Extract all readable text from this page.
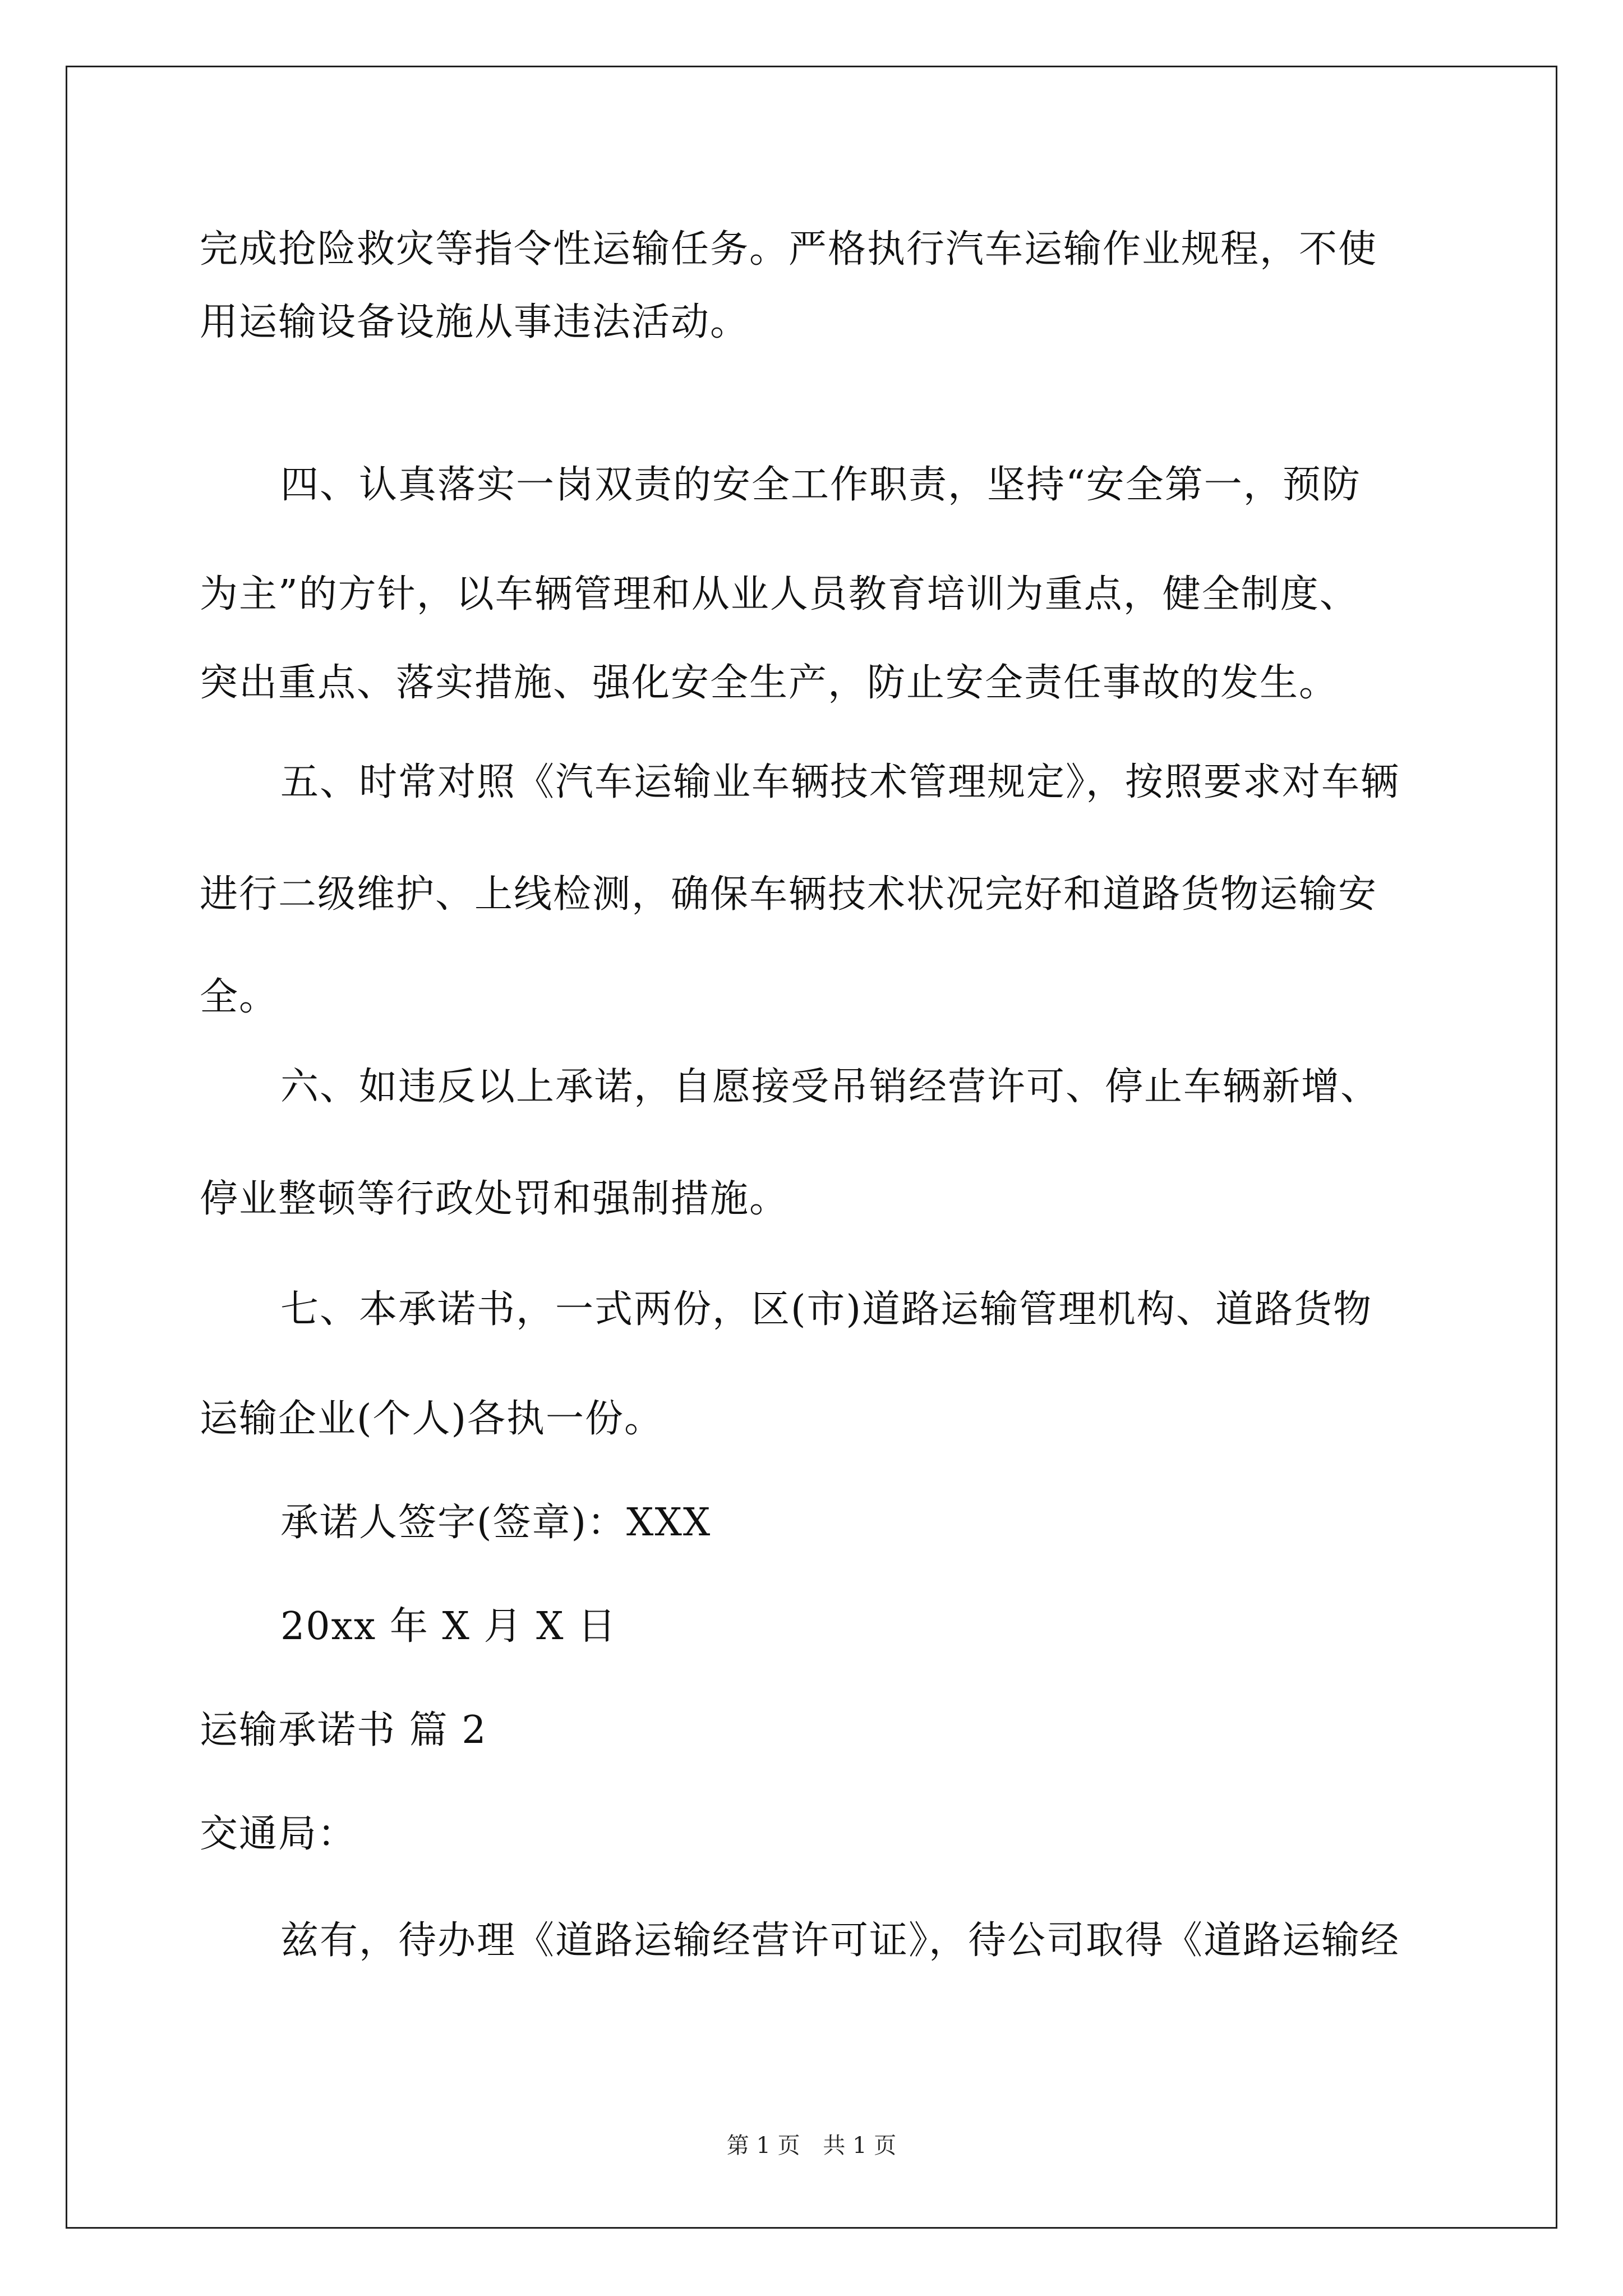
完成抢险救灾等指令性运输任务。严格执行汽车运输作业规程，不使
用运输设备设施从事违法活动。
四、认真落实一岗双责的安全工作职责，坚持“安全第一，预防
为主”的方针，以车辆管理和从业人员教育培训为重点，健全制度、
突出重点、落实措施、强化安全生产，防止安全责任事故的发生。
五、时常对照《汽车运输业车辆技术管理规定》，按照要求对车辆
进行二级维护、上线检测，确保车辆技术状况完好和道路货物运输安
全。
六、如违反以上承诺，自愿接受吊销经营许可、停止车辆新增、
停业整顿等行政处罚和强制措施。
七、本承诺书，一式两份，区(市)道路运输管理机构、道路货物
运输企业(个人)各执一份。
承诺人签字(签章)：XXX
20xx 年 X 月 X 日
运输承诺书 篇 2
交通局：
兹有，待办理《道路运输经营许可证》，待公司取得《道路运输经
第 1 页 共 1 页
